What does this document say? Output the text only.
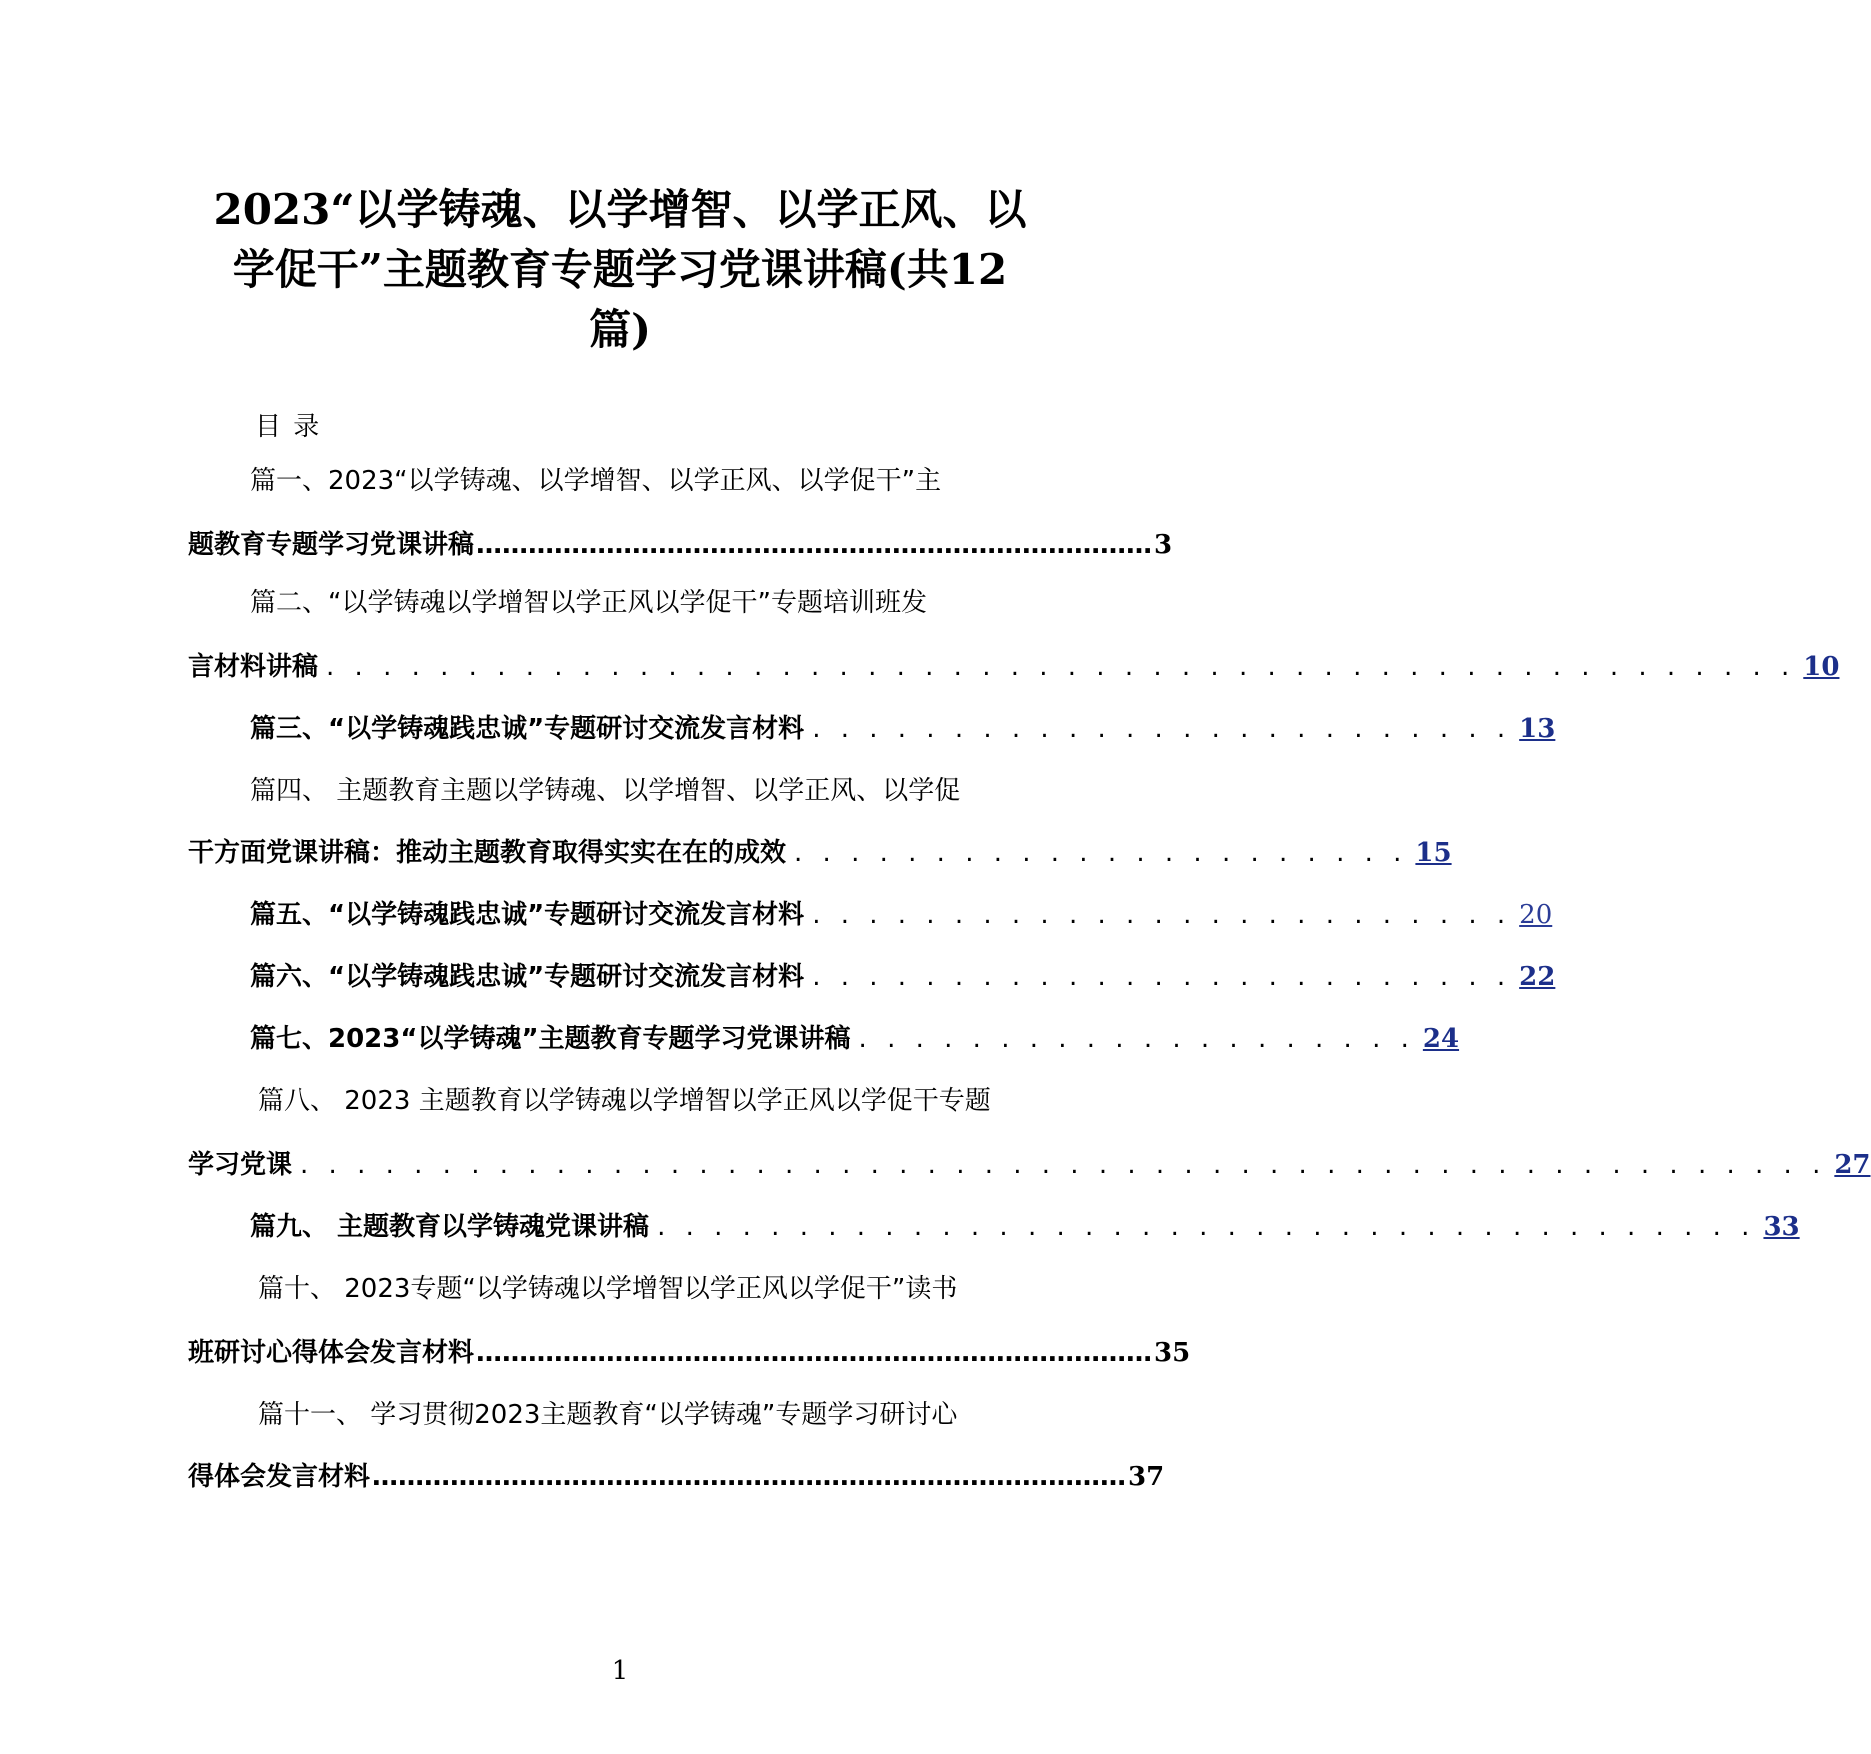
2023“以学铸魂、以学增智、以学正风、以
学促干”主题教育专题学习党课讲稿(共12
篇)
目 录
篇一、2023“以学铸魂、以学增智、以学正风、以学促干”主
题教育专题学习党课讲稿 …………………………………………………………………… 3
篇二、“以学铸魂以学增智以学正风以学促干”专题培训班发
言材料讲稿 . . . . . . . . . . . . . . . . . . . . . . . . . . . . . . . . . . . . . . . . . . . . . . . . . . . . 10
篇三、“以学铸魂践忠诚”专题研讨交流发言材料 . . . . . . . . . . . . . . . . . . . . . . . . . 13
篇四、 主题教育主题以学铸魂、以学增智、以学正风、以学促
干方面党课讲稿：推动主题教育取得实实在在的成效 . . . . . . . . . . . . . . . . . . . . . . 15
篇五、“以学铸魂践忠诚”专题研讨交流发言材料 . . . . . . . . . . . . . . . . . . . . . . . . . 20
篇六、“以学铸魂践忠诚”专题研讨交流发言材料 . . . . . . . . . . . . . . . . . . . . . . . . . 22
篇七、2023“以学铸魂”主题教育专题学习党课讲稿 . . . . . . . . . . . . . . . . . . . . 24
篇八、 2023 主题教育以学铸魂以学增智以学正风以学促干专题
学习党课 . . . . . . . . . . . . . . . . . . . . . . . . . . . . . . . . . . . . . . . . . . . . . . . . . . . . . . 27
篇九、 主题教育以学铸魂党课讲稿 . . . . . . . . . . . . . . . . . . . . . . . . . . . . . . . . . . . . . . . 33
篇十、 2023专题“以学铸魂以学增智以学正风以学促干”读书
班研讨心得体会发言材料 …………………………………………………………………… 35
篇十一、 学习贯彻2023主题教育“以学铸魂”专题学习研讨心
得体会发言材料 …………………………………………………………………………… 37
1
